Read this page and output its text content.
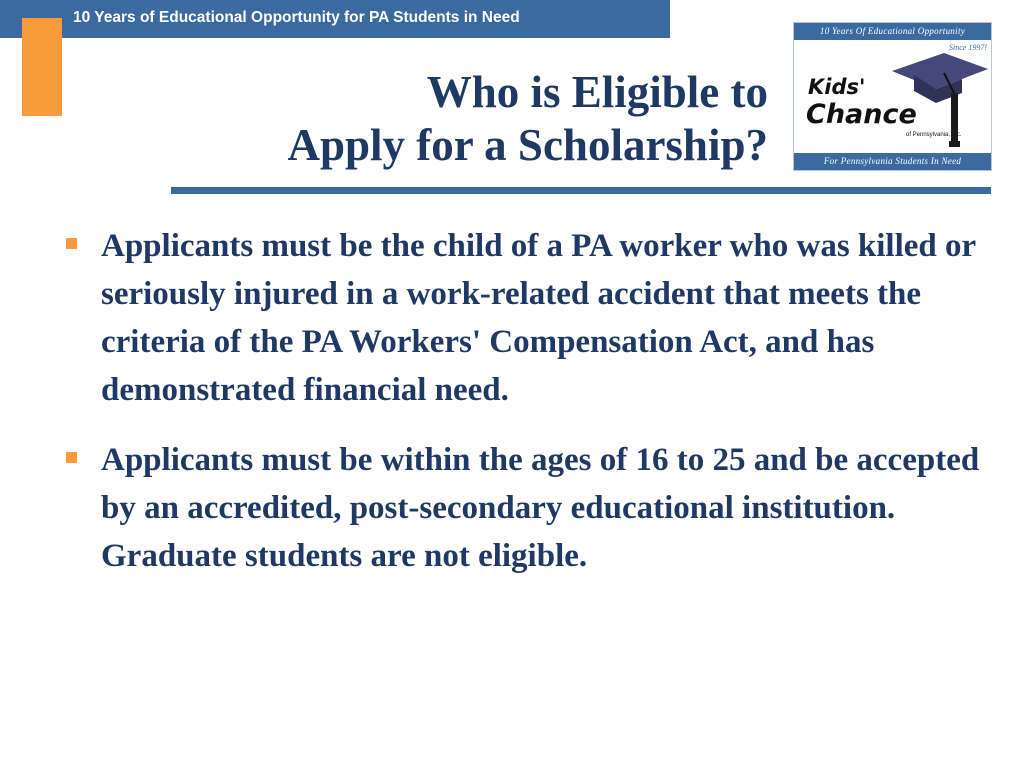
10 Years of Educational Opportunity for PA Students in Need
Who is Eligible to
Apply for a Scholarship?
10 Years Of Educational Opportunity
Since 1997!
Kids'
Chance
of Pennsylvania, Inc.
For Pennsylvania Students In Need
Applicants must be the child of a PA worker who was killed or seriously injured in a work-related accident that meets the criteria of the PA Workers' Compensation Act, and has demonstrated financial need.
Applicants must be within the ages of 16 to 25 and be accepted by an accredited, post-secondary educational institution. Graduate students are not eligible.
